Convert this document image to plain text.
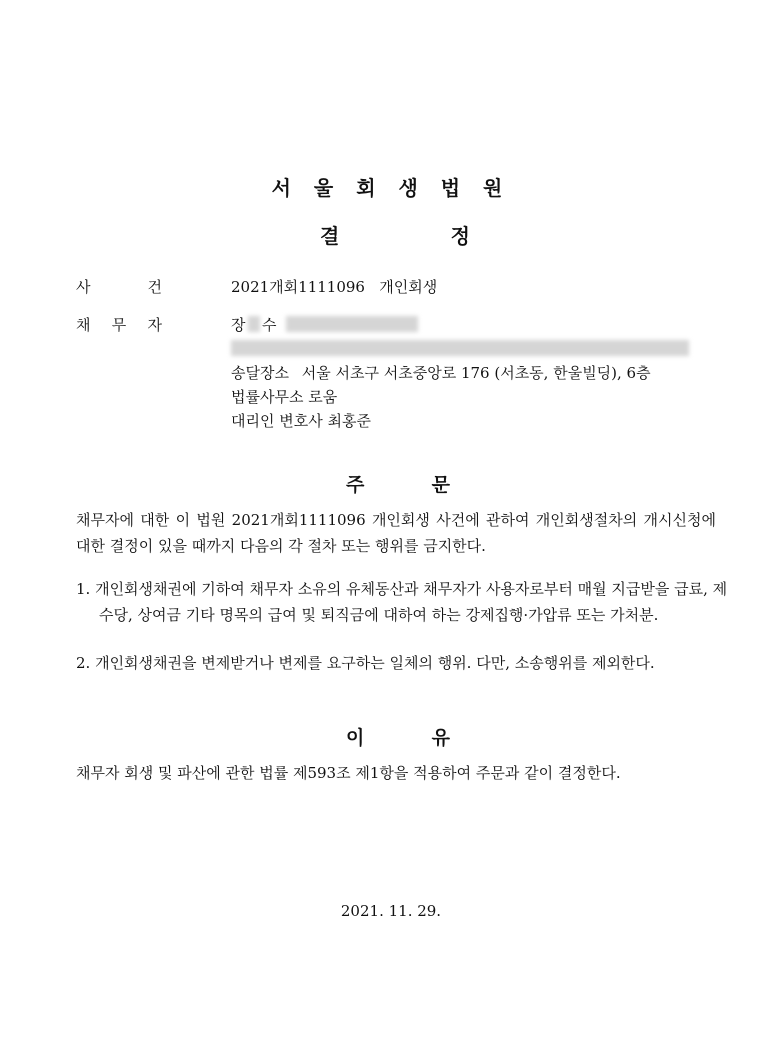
서 울 회 생 법 원
결	정
사	건	2021개회1111096   개인회생
채 무 자	장 수
송달장소 서울 서초구 서초중앙로 176 (서초동, 한울빌딩), 6층
법률사무소 로움
대리인 변호사 최홍준
주	문
채무자에 대한 이 법원 2021개회1111096 개인회생 사건에 관하여 개인회생절차의 개시신청에 대한 결정이 있을 때까지 다음의 각 절차 또는 행위를 금지한다.
1. 개인회생채권에 기하여 채무자 소유의 유체동산과 채무자가 사용자로부터 매월 지급받을 급료, 제수당, 상여금 기타 명목의 급여 및 퇴직금에 대하여 하는 강제집행·가압류 또는 가처분.
2. 개인회생채권을 변제받거나 변제를 요구하는 일체의 행위. 다만, 소송행위를 제외한다.
이	유
채무자 회생 및 파산에 관한 법률 제593조 제1항을 적용하여 주문과 같이 결정한다.
2021. 11. 29.
